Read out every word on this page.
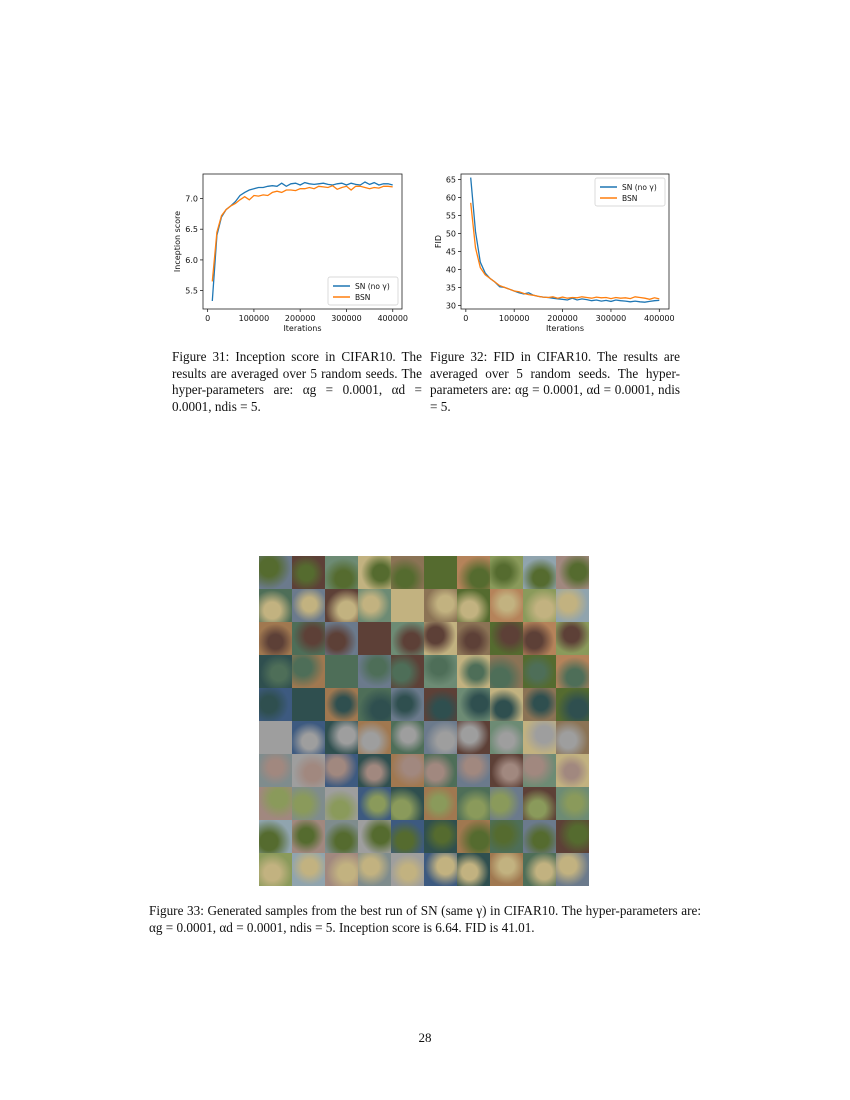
0	100000 200000 300000 400000
5.5
6.0
6.5
7.0
Iterations
Inception score
SN (no γ)
BSN
0	100000 200000 300000 400000
30
35
40
45
50
55
60
65
Iterations
FID
SN (no γ)
BSN
Figure 31: Inception score in CIFAR10. The results are averaged over 5 random seeds. The hyper-parameters are: αg = 0.0001, αd = 0.0001, ndis = 5.
Figure 32: FID in CIFAR10. The results are averaged over 5 random seeds. The hyper-parameters are: αg = 0.0001, αd = 0.0001, ndis = 5.
Figure 33: Generated samples from the best run of SN (same γ) in CIFAR10. The hyper-parameters are: αg = 0.0001, αd = 0.0001, ndis = 5. Inception score is 6.64. FID is 41.01.
28
